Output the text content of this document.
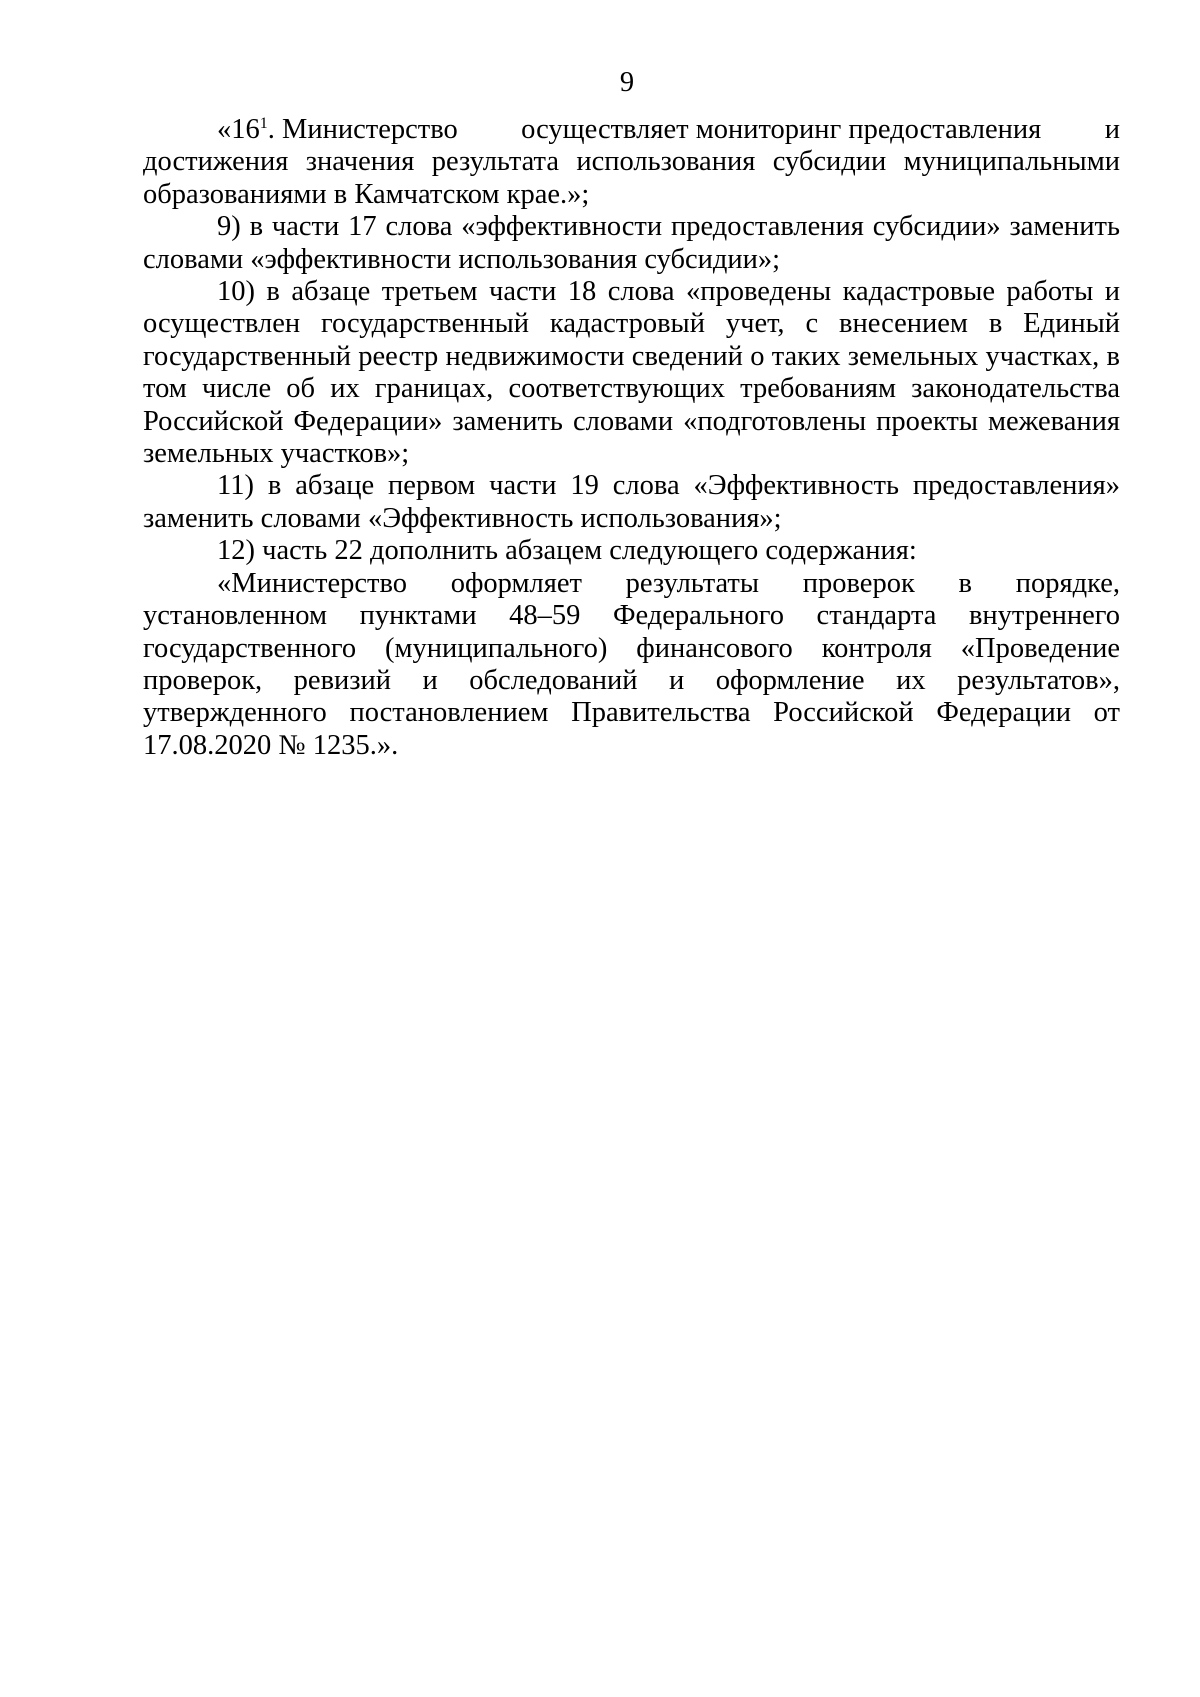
9
«$16^1$. Министерство осуществляет мониторинг предоставления и
достижения значения результата использования субсидии муниципальными образованиями в Камчатском крае.»;

9) в части 17 слова «эффективности предоставления субсидии» заменить словами «эффективности использования субсидии»;

10) в абзаце третьем части 18 слова «проведены кадастровые работы и осуществлен государственный кадастровый учет, с внесением в Единый государственный реестр недвижимости сведений о таких земельных участках, в том числе об их границах, соответствующих требованиям законодательства Российской Федерации» заменить словами «подготовлены проекты межевания земельных участков»;

11) в абзаце первом части 19 слова «Эффективность предоставления» заменить словами «Эффективность использования»;

12) часть 22 дополнить абзацем следующего содержания:

«Министерство оформляет результаты проверок в порядке, установленном пунктами 48–59 Федерального стандарта внутреннего государственного (муниципального) финансового контроля «Проведение проверок, ревизий и обследований и оформление их результатов», утвержденного постановлением Правительства Российской Федерации от 17.08.2020 № 1235.».
